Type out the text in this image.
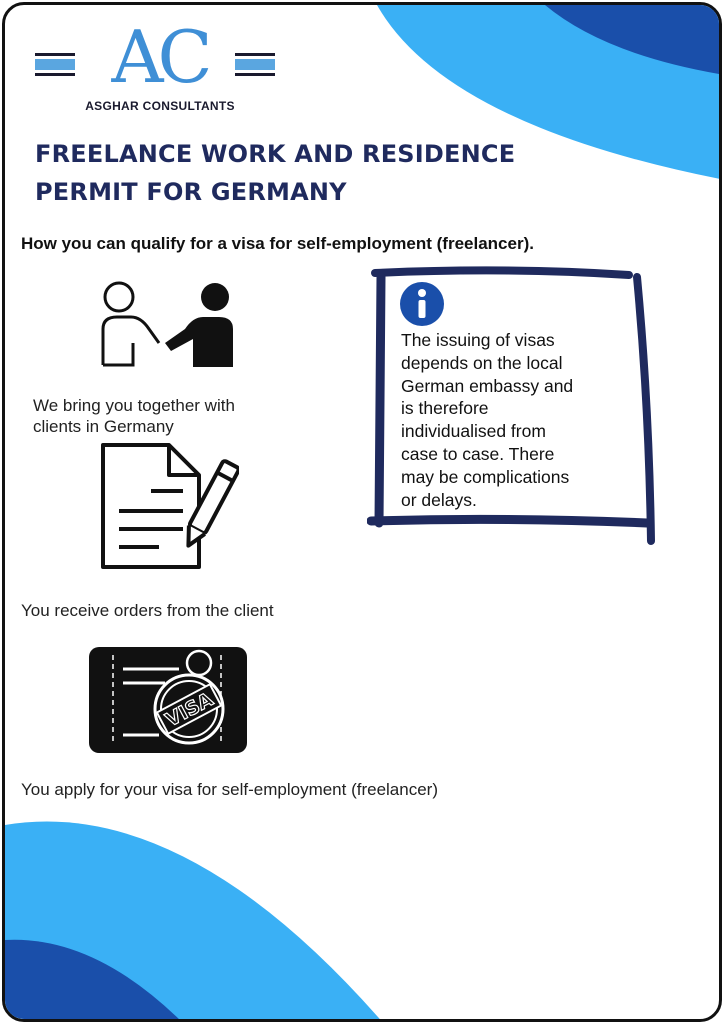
AC
ASGHAR CONSULTANTS
FREELANCE WORK AND RESIDENCE
PERMIT FOR GERMANY
How you can qualify for a visa for self-employment (freelancer).
We bring you together with
clients in Germany
You receive orders from the client
VISA
You apply for your visa for self-employment (freelancer)
The issuing of visas
depends on the local
German embassy and
is therefore
individualised from
case to case. There
may be complications
or delays.
